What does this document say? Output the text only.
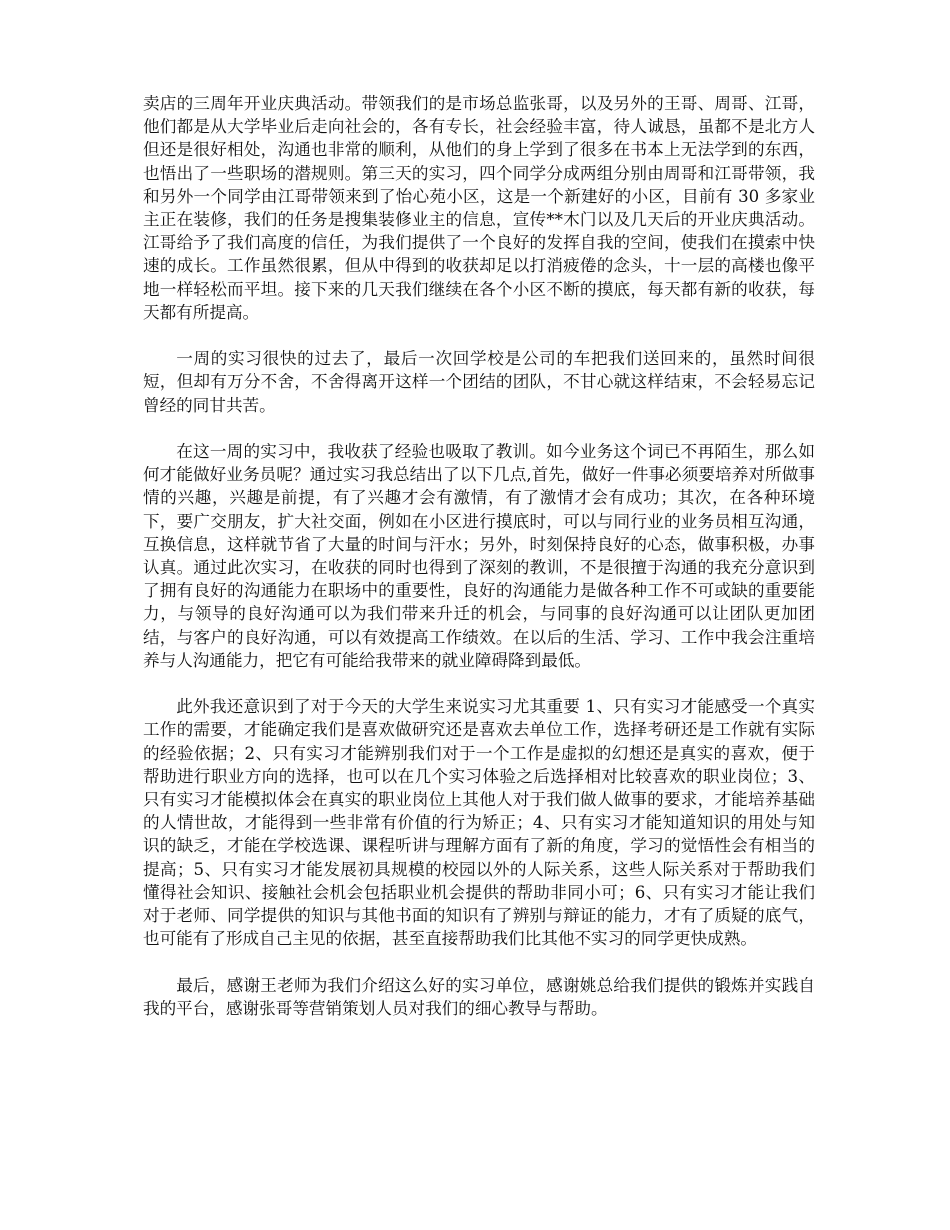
卖店的三周年开业庆典活动。带领我们的是市场总监张哥，以及另外的王哥、周哥、江哥，他们都是从大学毕业后走向社会的，各有专长，社会经验丰富，待人诚恳，虽都不是北方人但还是很好相处，沟通也非常的顺利，从他们的身上学到了很多在书本上无法学到的东西，也悟出了一些职场的潜规则。第三天的实习，四个同学分成两组分别由周哥和江哥带领，我和另外一个同学由江哥带领来到了怡心苑小区，这是一个新建好的小区，目前有 30 多家业主正在装修，我们的任务是搜集装修业主的信息，宣传**木门以及几天后的开业庆典活动。江哥给予了我们高度的信任，为我们提供了一个良好的发挥自我的空间，使我们在摸索中快速的成长。工作虽然很累，但从中得到的收获却足以打消疲倦的念头，十一层的高楼也像平地一样轻松而平坦。接下来的几天我们继续在各个小区不断的摸底，每天都有新的收获，每天都有所提高。

一周的实习很快的过去了，最后一次回学校是公司的车把我们送回来的，虽然时间很短，但却有万分不舍，不舍得离开这样一个团结的团队，不甘心就这样结束，不会轻易忘记曾经的同甘共苦。

在这一周的实习中，我收获了经验也吸取了教训。如今业务这个词已不再陌生，那么如何才能做好业务员呢？通过实习我总结出了以下几点,首先，做好一件事必须要培养对所做事情的兴趣，兴趣是前提，有了兴趣才会有激情，有了激情才会有成功；其次，在各种环境下，要广交朋友，扩大社交面，例如在小区进行摸底时，可以与同行业的业务员相互沟通，互换信息，这样就节省了大量的时间与汗水；另外，时刻保持良好的心态，做事积极，办事认真。通过此次实习，在收获的同时也得到了深刻的教训，不是很擅于沟通的我充分意识到了拥有良好的沟通能力在职场中的重要性，良好的沟通能力是做各种工作不可或缺的重要能力，与领导的良好沟通可以为我们带来升迁的机会，与同事的良好沟通可以让团队更加团结，与客户的良好沟通，可以有效提高工作绩效。在以后的生活、学习、工作中我会注重培养与人沟通能力，把它有可能给我带来的就业障碍降到最低。

此外我还意识到了对于今天的大学生来说实习尤其重要 1、只有实习才能感受一个真实工作的需要，才能确定我们是喜欢做研究还是喜欢去单位工作，选择考研还是工作就有实际的经验依据；2、只有实习才能辨别我们对于一个工作是虚拟的幻想还是真实的喜欢，便于帮助进行职业方向的选择，也可以在几个实习体验之后选择相对比较喜欢的职业岗位；3、只有实习才能模拟体会在真实的职业岗位上其他人对于我们做人做事的要求，才能培养基础的人情世故，才能得到一些非常有价值的行为矫正；4、只有实习才能知道知识的用处与知识的缺乏，才能在学校选课、课程听讲与理解方面有了新的角度，学习的觉悟性会有相当的提高；5、只有实习才能发展初具规模的校园以外的人际关系，这些人际关系对于帮助我们懂得社会知识、接触社会机会包括职业机会提供的帮助非同小可；6、只有实习才能让我们对于老师、同学提供的知识与其他书面的知识有了辨别与辩证的能力，才有了质疑的底气，也可能有了形成自己主见的依据，甚至直接帮助我们比其他不实习的同学更快成熟。

最后，感谢王老师为我们介绍这么好的实习单位，感谢姚总给我们提供的锻炼并实践自我的平台，感谢张哥等营销策划人员对我们的细心教导与帮助。
